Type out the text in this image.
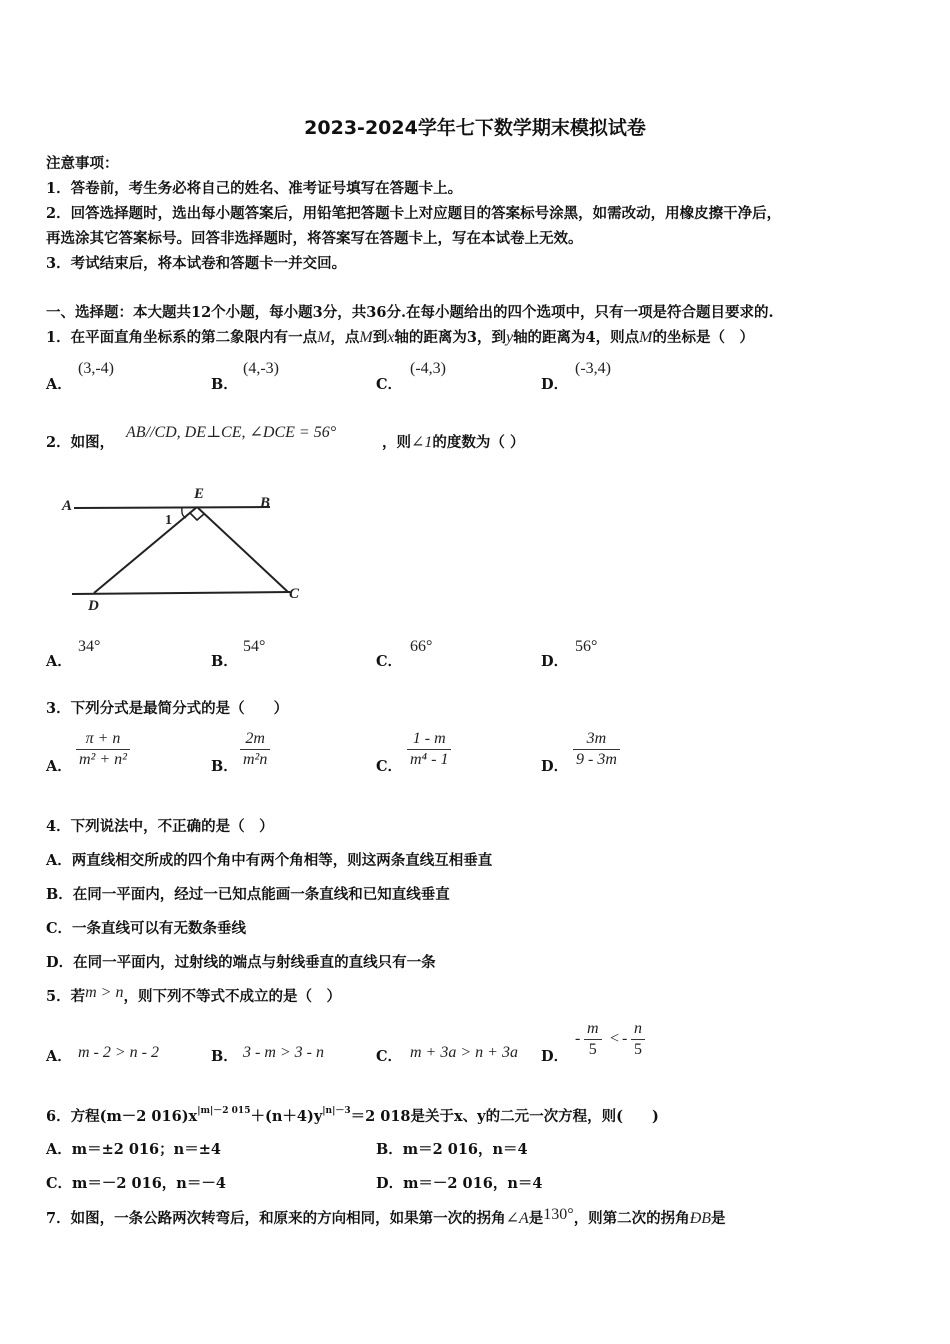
2023-2024学年七下数学期末模拟试卷
注意事项：
1．答卷前，考生务必将自己的姓名、准考证号填写在答题卡上。
2．回答选择题时，选出每小题答案后，用铅笔把答题卡上对应题目的答案标号涂黑，如需改动，用橡皮擦干净后，
再选涂其它答案标号。回答非选择题时，将答案写在答题卡上，写在本试卷上无效。
3．考试结束后，将本试卷和答题卡一并交回。
一、选择题：本大题共12个小题，每小题3分，共36分.在每小题给出的四个选项中，只有一项是符合题目要求的.
1．在平面直角坐标系的第二象限内有一点M，点M到x轴的距离为3，到y轴的距离为4，则点M的坐标是（　）
A．
(3,-4)
B．
(4,-3)
C．
(-4,3)
D．
(-3,4)
2．如图，
AB//CD, DE⊥CE, ∠DCE = 56°
，则∠1的度数为（ ）
A	B
E
1
D
C
A．
34°
B．
54°
C．
66°
D．
56°
3．下列分式是最简分式的是（　　）
A． $\frac{\pi + n}{\text{m² + n²}}$	B． $\frac{2m}{\text{m²n}}$	C． $\frac{1 - m}{\text{m⁴ - 1}}$	D． $\frac{3m}{9 - 3m}$
4．下列说法中，不正确的是（　）
A．两直线相交所成的四个角中有两个角相等，则这两条直线互相垂直
B．在同一平面内，经过一已知点能画一条直线和已知直线垂直
C．一条直线可以有无数条垂线
D．在同一平面内，过射线的端点与射线垂直的直线只有一条
5．若m > n，则下列不等式不成立的是（　）
A． m - 2 > n - 2	B． 3 - m > 3 - n	C． m + 3a > n + 3a D．
- $\frac{m}{5}$ < - $\frac{n}{5}$
6．方程(m－2 $016)x^{|m|-2 015}+(n+4)y^{|n|-3}=2$ 018是关于x、y的二元一次方程，则(　　)
A．m＝±2 016；n＝±4	B．m＝2 016，n＝4
C．m＝－2 016，n＝－4	D．m＝－2 016，n＝4
7．如图，一条公路两次转弯后，和原来的方向相同，如果第一次的拐角∠A是130°，则第二次的拐角ÐB是
